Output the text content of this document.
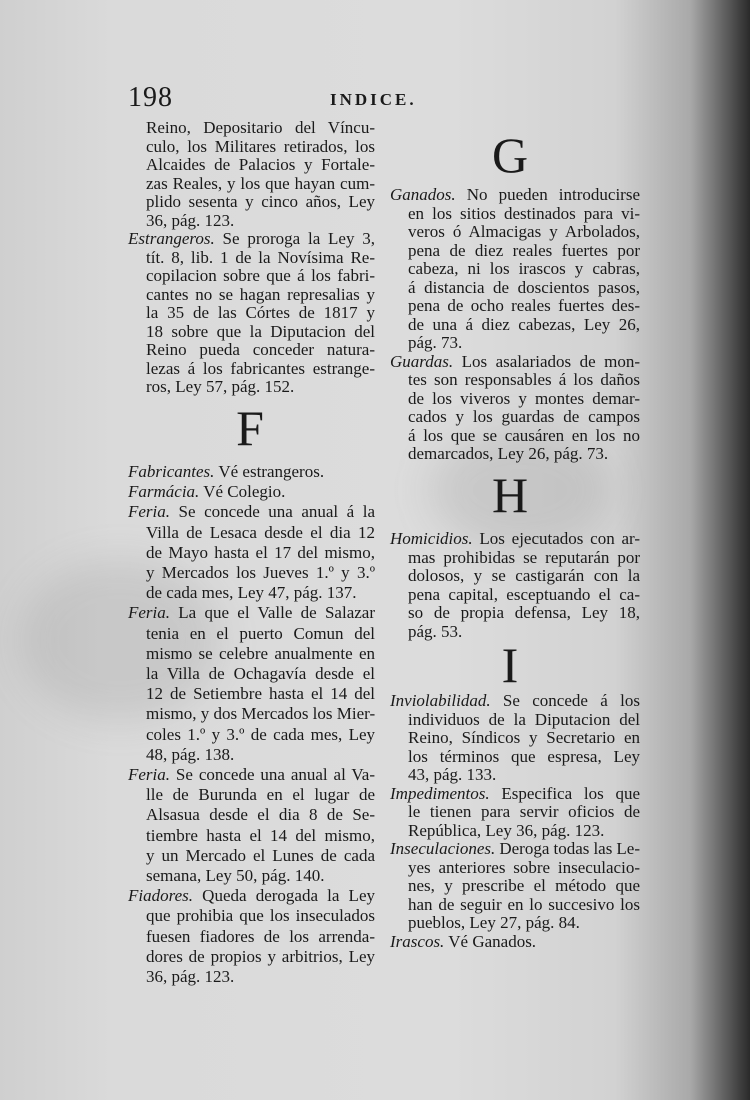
198	INDICE.
Reino, Depositario del Víncu-
culo, los Militares retirados, los
Alcaides de Palacios y Fortale-
zas Reales, y los que hayan cum-
plido sesenta y cinco años, Ley
36, pág. 123.
Estrangeros. Se proroga la Ley 3,
tít. 8, lib. 1 de la Novísima Re-
copilacion sobre que á los fabri-
cantes no se hagan represalias y
la 35 de las Córtes de 1817 y
18 sobre que la Diputacion del
Reino pueda conceder natura-
lezas á los fabricantes estrange-
ros, Ley 57, pág. 152.
F
Fabricantes. Vé estrangeros.
Farmácia. Vé Colegio.
Feria. Se concede una anual á la
Villa de Lesaca desde el dia 12
de Mayo hasta el 17 del mismo,
y Mercados los Jueves 1.º y 3.º
de cada mes, Ley 47, pág. 137.
Feria. La que el Valle de Salazar
tenia en el puerto Comun del
mismo se celebre anualmente en
la Villa de Ochagavía desde el
12 de Setiembre hasta el 14 del
mismo, y dos Mercados los Mier-
coles 1.º y 3.º de cada mes, Ley
48, pág. 138.
Feria. Se concede una anual al Va-
lle de Burunda en el lugar de
Alsasua desde el dia 8 de Se-
tiembre hasta el 14 del mismo,
y un Mercado el Lunes de cada
semana, Ley 50, pág. 140.
Fiadores. Queda derogada la Ley
que prohibia que los inseculados
fuesen fiadores de los arrenda-
dores de propios y arbitrios, Ley
36, pág. 123.
G
Ganados. No pueden introducirse
en los sitios destinados para vi-
veros ó Almacigas y Arbolados,
pena de diez reales fuertes por
cabeza, ni los irascos y cabras,
á distancia de doscientos pasos,
pena de ocho reales fuertes des-
de una á diez cabezas, Ley 26,
pág. 73.
Guardas. Los asalariados de mon-
tes son responsables á los daños
de los viveros y montes demar-
cados y los guardas de campos
á los que se causáren en los no
demarcados, Ley 26, pág. 73.
H
Homicidios. Los ejecutados con ar-
mas prohibidas se reputarán por
dolosos, y se castigarán con la
pena capital, esceptuando el ca-
so de propia defensa, Ley 18,
pág. 53.
I
Inviolabilidad. Se concede á los
individuos de la Diputacion del
Reino, Síndicos y Secretario en
los términos que espresa, Ley
43, pág. 133.
Impedimentos. Especifica los que
le tienen para servir oficios de
República, Ley 36, pág. 123.
Inseculaciones. Deroga todas las Le-
yes anteriores sobre inseculacio-
nes, y prescribe el método que
han de seguir en lo succesivo los
pueblos, Ley 27, pág. 84.
Irascos. Vé Ganados.
